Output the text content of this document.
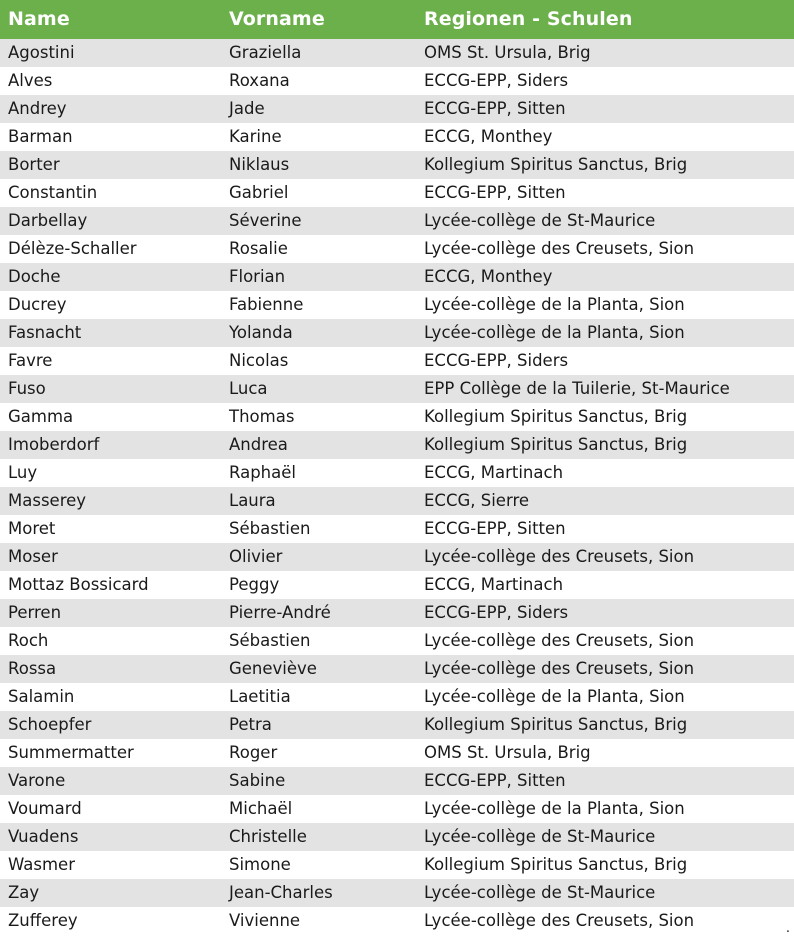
Name	Vorname	Regionen - Schulen
Agostini	Graziella	OMS St. Ursula, Brig
Alves	Roxana	ECCG-EPP, Siders
Andrey	Jade	ECCG-EPP, Sitten
Barman	Karine	ECCG, Monthey
Borter	Niklaus	Kollegium Spiritus Sanctus, Brig
Constantin	Gabriel	ECCG-EPP, Sitten
Darbellay	Séverine	Lycée-collège de St-Maurice
Délèze-Schaller	Rosalie	Lycée-collège des Creusets, Sion
Doche	Florian	ECCG, Monthey
Ducrey	Fabienne	Lycée-collège de la Planta, Sion
Fasnacht	Yolanda	Lycée-collège de la Planta, Sion
Favre	Nicolas	ECCG-EPP, Siders
Fuso	Luca	EPP Collège de la Tuilerie, St-Maurice
Gamma	Thomas	Kollegium Spiritus Sanctus, Brig
Imoberdorf	Andrea	Kollegium Spiritus Sanctus, Brig
Luy	Raphaël	ECCG, Martinach
Masserey	Laura	ECCG, Sierre
Moret	Sébastien	ECCG-EPP, Sitten
Moser	Olivier	Lycée-collège des Creusets, Sion
Mottaz Bossicard	Peggy	ECCG, Martinach
Perren	Pierre-André	ECCG-EPP, Siders
Roch	Sébastien	Lycée-collège des Creusets, Sion
Rossa	Geneviève	Lycée-collège des Creusets, Sion
Salamin	Laetitia	Lycée-collège de la Planta, Sion
Schoepfer	Petra	Kollegium Spiritus Sanctus, Brig
Summermatter	Roger	OMS St. Ursula, Brig
Varone	Sabine	ECCG-EPP, Sitten
Voumard	Michaël	Lycée-collège de la Planta, Sion
Vuadens	Christelle	Lycée-collège de St-Maurice
Wasmer	Simone	Kollegium Spiritus Sanctus, Brig
Zay	Jean-Charles	Lycée-collège de St-Maurice
Zufferey	Vivienne	Lycée-collège des Creusets, Sion	.
